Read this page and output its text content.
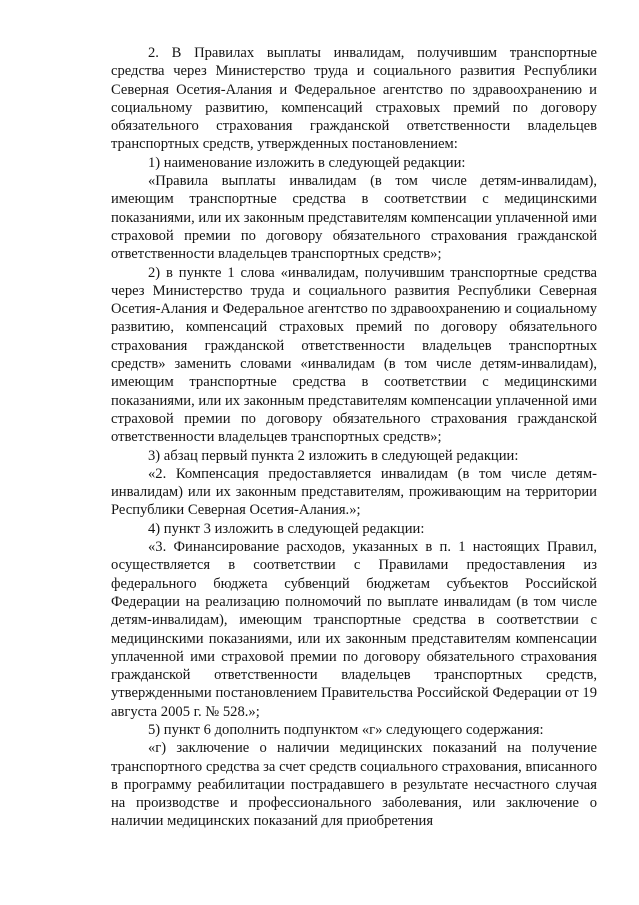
2. В Правилах выплаты инвалидам, получившим транспортные средства через Министерство труда и социального развития Республики Северная Осетия-Алания и Федеральное агентство по здравоохранению и социальному развитию, компенсаций страховых премий по договору обязательного страхования гражданской ответственности владельцев транспортных средств, утвержденных постановлением:

1) наименование изложить в следующей редакции:

«Правила выплаты инвалидам (в том числе детям-инвалидам), имеющим транспортные средства в соответствии с медицинскими показаниями, или их законным представителям компенсации уплаченной ими страховой премии по договору обязательного страхования гражданской ответственности владельцев транспортных средств»;

2) в пункте 1 слова «инвалидам, получившим транспортные средства через Министерство труда и социального развития Республики Северная Осетия-Алания и Федеральное агентство по здравоохранению и социальному развитию, компенсаций страховых премий по договору обязательного страхования гражданской ответственности владельцев транспортных средств» заменить словами «инвалидам (в том числе детям-инвалидам), имеющим транспортные средства в соответствии с медицинскими показаниями, или их законным представителям компенсации уплаченной ими страховой премии по договору обязательного страхования гражданской ответственности владельцев транспортных средств»;

3) абзац первый пункта 2 изложить в следующей редакции:

«2. Компенсация предоставляется инвалидам (в том числе детям-инвалидам) или их законным представителям, проживающим на территории Республики Северная Осетия-Алания.»;

4) пункт 3 изложить в следующей редакции:

«3. Финансирование расходов, указанных в п. 1 настоящих Правил, осуществляется в соответствии с Правилами предоставления из федерального бюджета субвенций бюджетам субъектов Российской Федерации на реализацию полномочий по выплате инвалидам (в том числе детям-инвалидам), имеющим транспортные средства в соответствии с медицинскими показаниями, или их законным представителям компенсации уплаченной ими страховой премии по договору обязательного страхования гражданской ответственности владельцев транспортных средств, утвержденными постановлением Правительства Российской Федерации от 19 августа 2005 г. № 528.»;

5) пункт 6 дополнить подпунктом «г» следующего содержания:

«г) заключение о наличии медицинских показаний на получение транспортного средства за счет средств социального страхования, вписанного в программу реабилитации пострадавшего в результате несчастного случая на производстве и профессионального заболевания, или заключение о наличии медицинских показаний для приобретения
